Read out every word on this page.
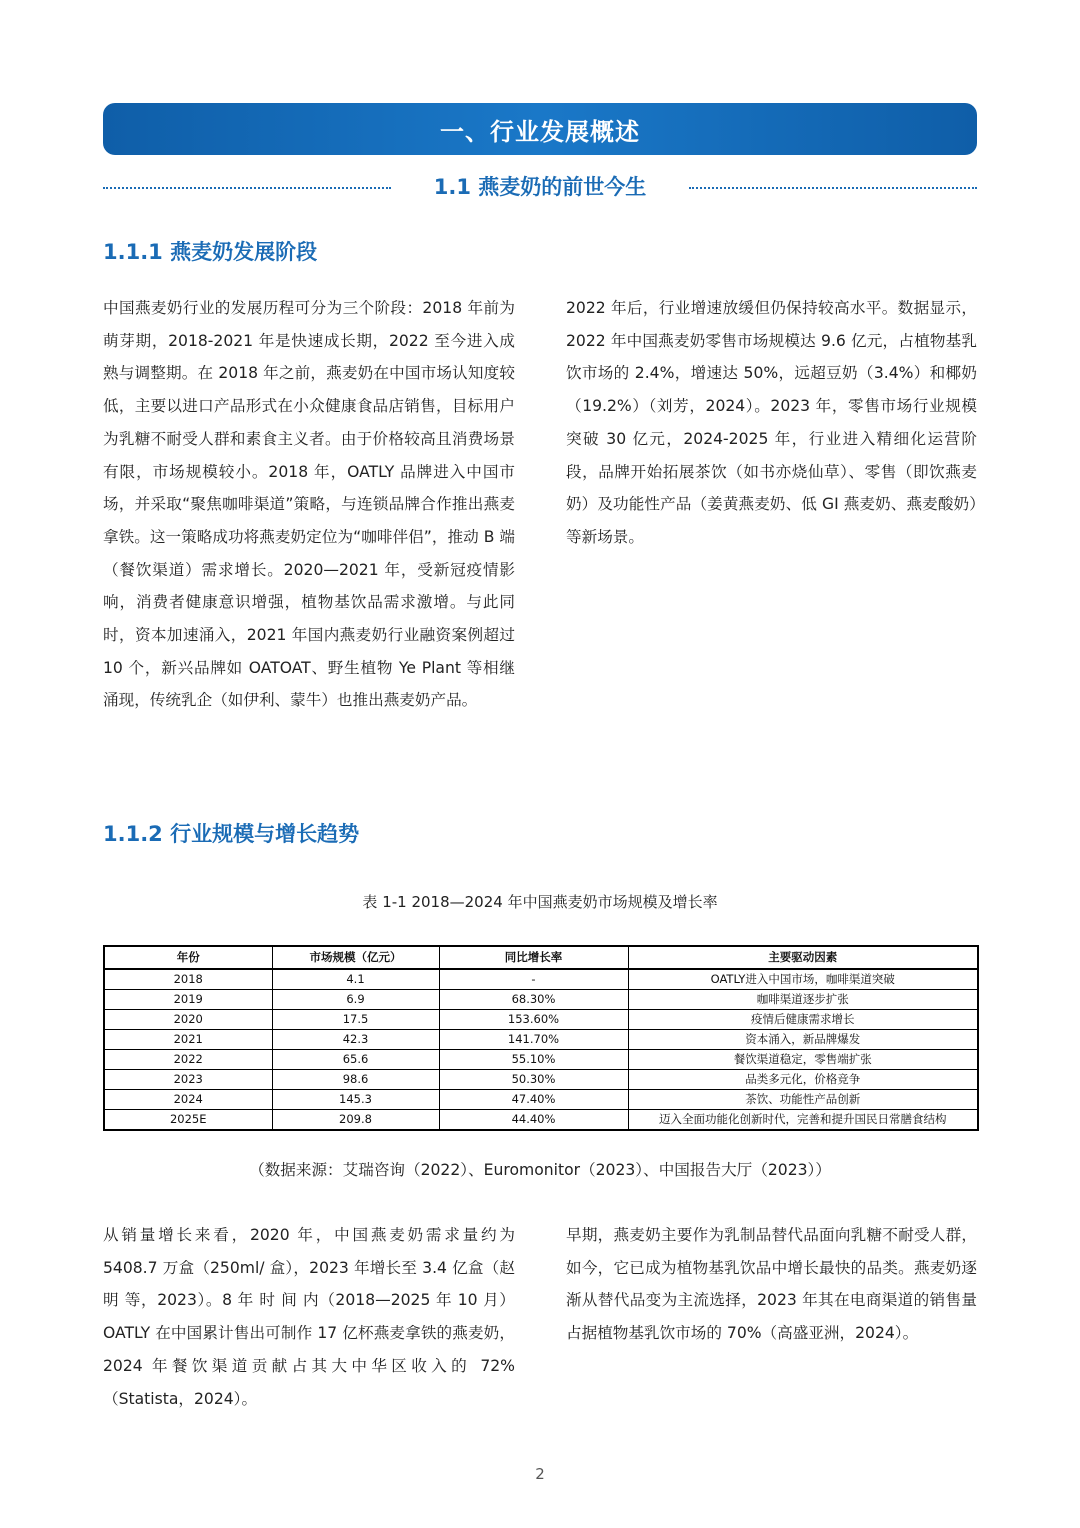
一、行业发展概述
1.1 燕麦奶的前世今生
1.1.1 燕麦奶发展阶段

中国燕麦奶行业的发展历程可分为三个阶段：2018 年前为萌芽期，2018-2021 年是快速成长期，2022 至今进入成熟与调整期。在 2018 年之前，燕麦奶在中国市场认知度较低，主要以进口产品形式在小众健康食品店销售，目标用户为乳糖不耐受人群和素食主义者。由于价格较高且消费场景有限，市场规模较小。2018 年，OATLY 品牌进入中国市场，并采取“聚焦咖啡渠道”策略，与连锁品牌合作推出燕麦拿铁。这一策略成功将燕麦奶定位为“咖啡伴侣”，推动 B 端（餐饮渠道）需求增长。2020—2021 年，受新冠疫情影响，消费者健康意识增强，植物基饮品需求激增。与此同时，资本加速涌入，2021 年国内燕麦奶行业融资案例超过 10 个，新兴品牌如 OATOAT、野生植物 Ye Plant 等相继涌现，传统乳企（如伊利、蒙牛）也推出燕麦奶产品。

2022 年后，行业增速放缓但仍保持较高水平。数据显示，2022 年中国燕麦奶零售市场规模达 9.6 亿元，占植物基乳饮市场的 2.4%，增速达 50%，远超豆奶（3.4%）和椰奶（19.2%）（刘芳，2024）。2023 年，零售市场行业规模突破 30 亿元，2024-2025 年，行业进入精细化运营阶段，品牌开始拓展茶饮（如书亦烧仙草）、零售（即饮燕麦奶）及功能性产品（姜黄燕麦奶、低 GI 燕麦奶、燕麦酸奶）等新场景。

1.1.2 行业规模与增长趋势
表 1-1 2018—2024 年中国燕麦奶市场规模及增长率
年份	市场规模（亿元）	同比增长率	主要驱动因素
2018	4.1	-	OATLY进入中国市场，咖啡渠道突破
2019	6.9	68.30%	咖啡渠道逐步扩张
2020	17.5	153.60%	疫情后健康需求增长
2021	42.3	141.70%	资本涌入，新品牌爆发
2022	65.6	55.10%	餐饮渠道稳定，零售端扩张
2023	98.6	50.30%	品类多元化，价格竞争
2024	145.3	47.40%	茶饮、功能性产品创新
2025E	209.8	44.40%	迈入全面功能化创新时代，完善和提升国民日常膳食结构
（数据来源：艾瑞咨询（2022）、Euromonitor（2023）、中国报告大厅（2023））

从销量增长来看，2020 年，中国燕麦奶需求量约为 5408.7 万盒（250ml/ 盒），2023 年增长至 3.4 亿盒（赵明 等，2023）。8 年 时 间 内（2018—2025 年 10 月）OATLY 在中国累计售出可制作 17 亿杯燕麦拿铁的燕麦奶，2024 年餐饮渠道贡献占其大中华区收入的 72%（Statista，2024）。

早期，燕麦奶主要作为乳制品替代品面向乳糖不耐受人群，如今，它已成为植物基乳饮品中增长最快的品类。燕麦奶逐渐从替代品变为主流选择，2023 年其在电商渠道的销售量占据植物基乳饮市场的 70%（高盛亚洲，2024）。

2
